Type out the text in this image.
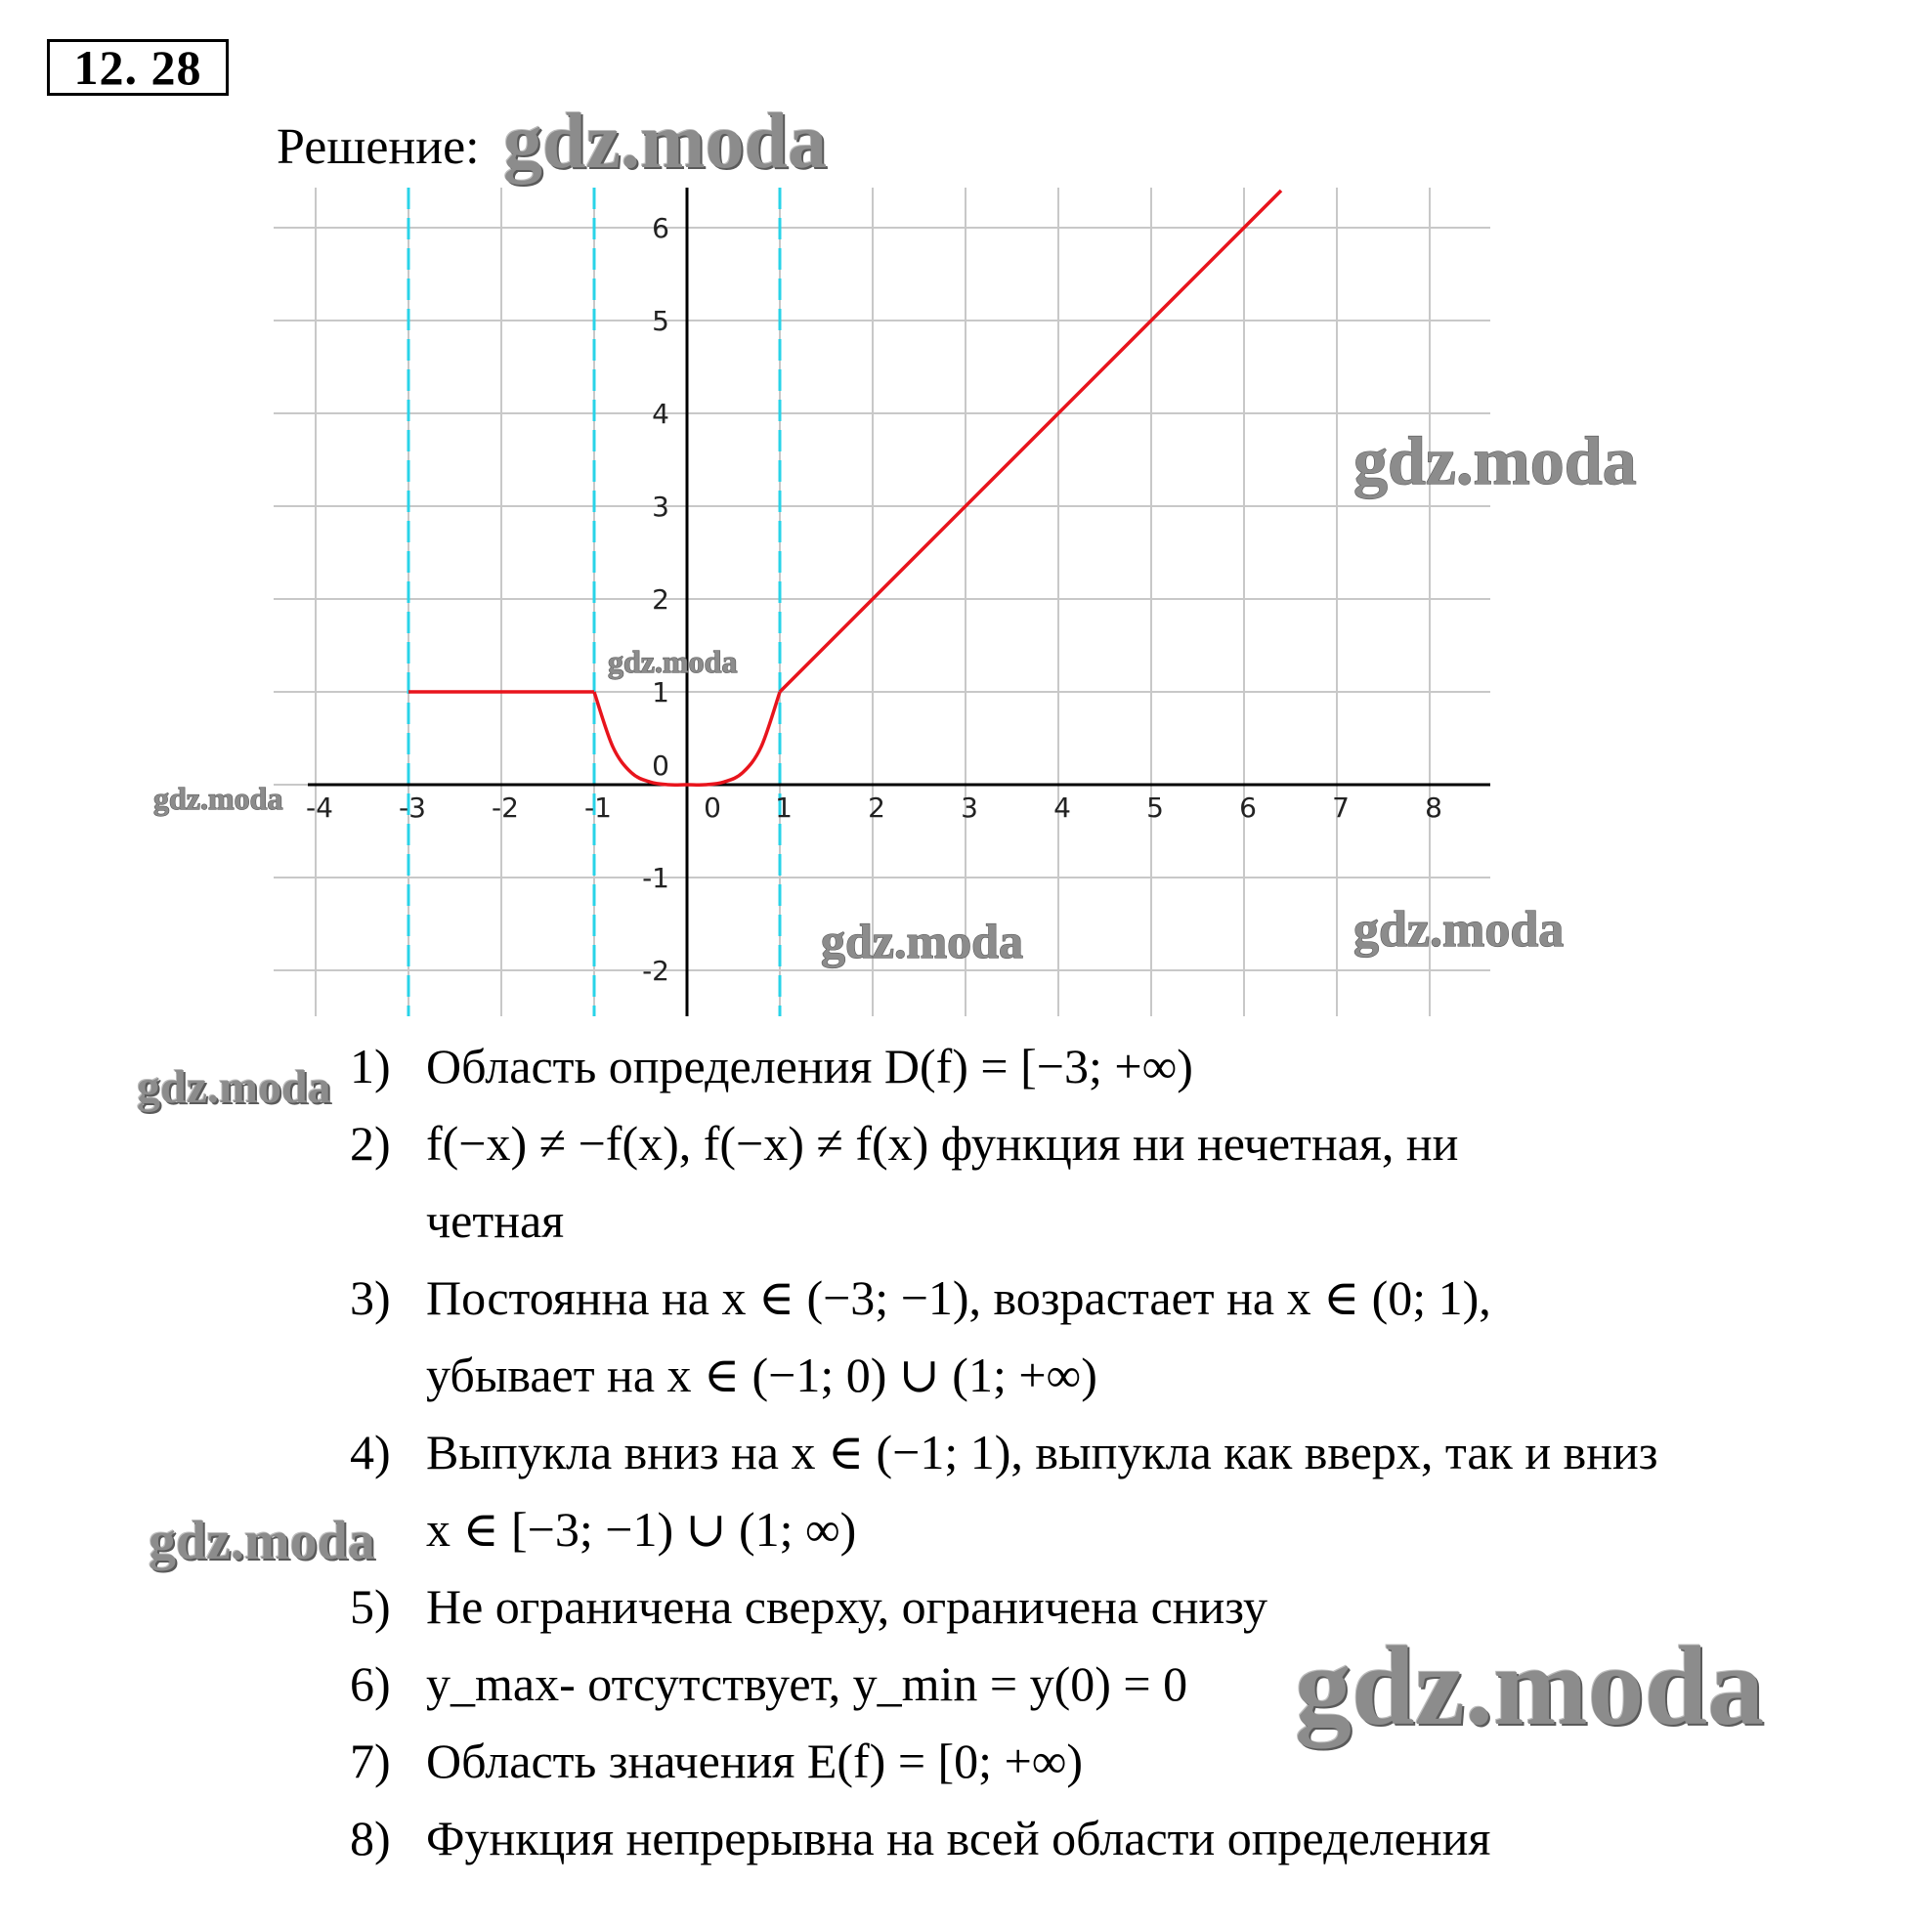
12. 28
Решение:
-4 -3 -2 -1	0 1	2	3	4	5	6	7	8
-2
-1
0
1
2
3
4
5
6
gdz.moda
gdz.moda
gdz.moda
gdz.moda	gdz.moda
1) Область определения D(f) = [−3; +∞)
2) f(−x) ≠ −f(x), f(−x) ≠ f(x) функция ни нечетная, ни
четная
3) Постоянна на x ∈ (−3; −1), возрастает на x ∈ (0; 1),
убывает на x ∈ (−1; 0) ∪ (1; +∞)
4) Выпукла вниз на x ∈ (−1; 1), выпукла как вверх, так и вниз
x ∈ [−3; −1) ∪ (1; ∞)
5) Не ограничена сверху, ограничена снизу
6) y_max- отсутствует, y_min = y(0) = 0
7) Область значения E(f) = [0; +∞)
8) Функция непрерывна на всей области определения
gdz.moda
gdz.moda
gdz.moda
gdz.moda
